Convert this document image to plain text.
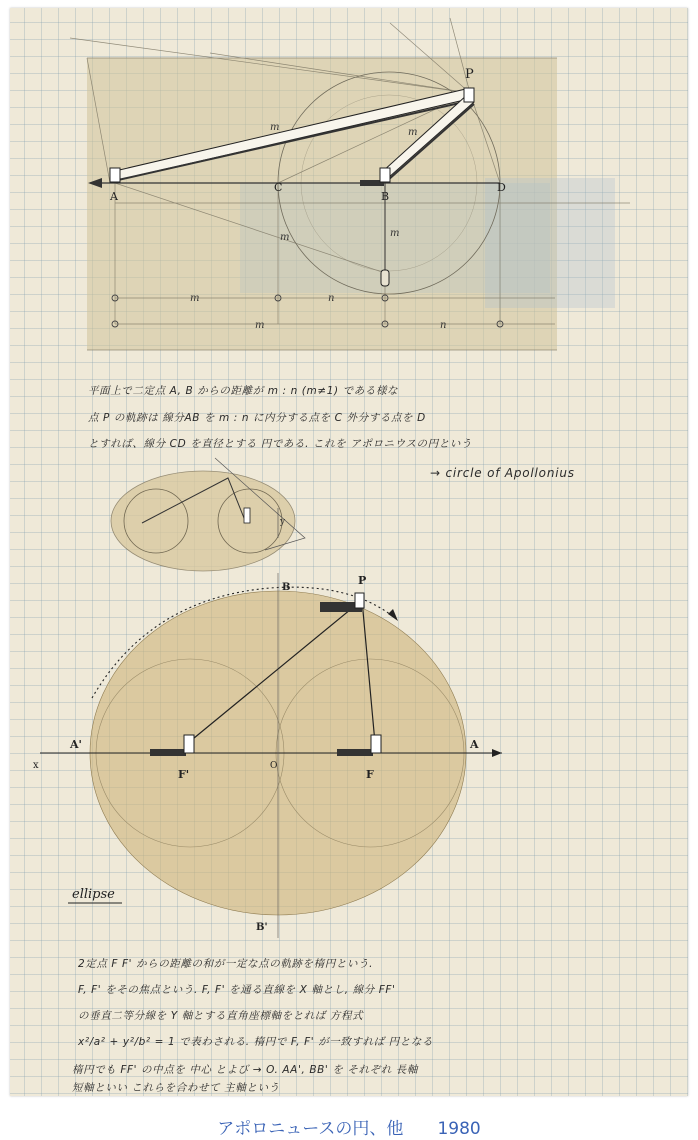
P
A
C
B
D
m	m
m	m
m	n
m	n
y
P
B
A'	A
x
F'
O
F
B'
ellipse
平面上で二定点 A, B からの距離が m : n (m≠1) である様な
点 P の軌跡は 線分AB を m : n に内分する点を C 外分する点を D
とすれば、線分 CD を直径とする 円である. これを アポロニウスの円という
→ circle of Apollonius
2定点 F F' からの距離の和が一定な点の軌跡を楕円という.
F, F' をその焦点という. F, F' を通る直線を X 軸とし, 線分 FF'
の垂直二等分線を Y 軸とする直角座標軸をとれば 方程式
x²/a² + y²/b² = 1 で表わされる. 楕円で F, F' が一致すれば 円となる
楕円でも FF' の中点を 中心 とよび → O. AA', BB' を それぞれ 長軸
短軸といい これらを合わせて 主軸という
アポロニュースの円、他 1980
